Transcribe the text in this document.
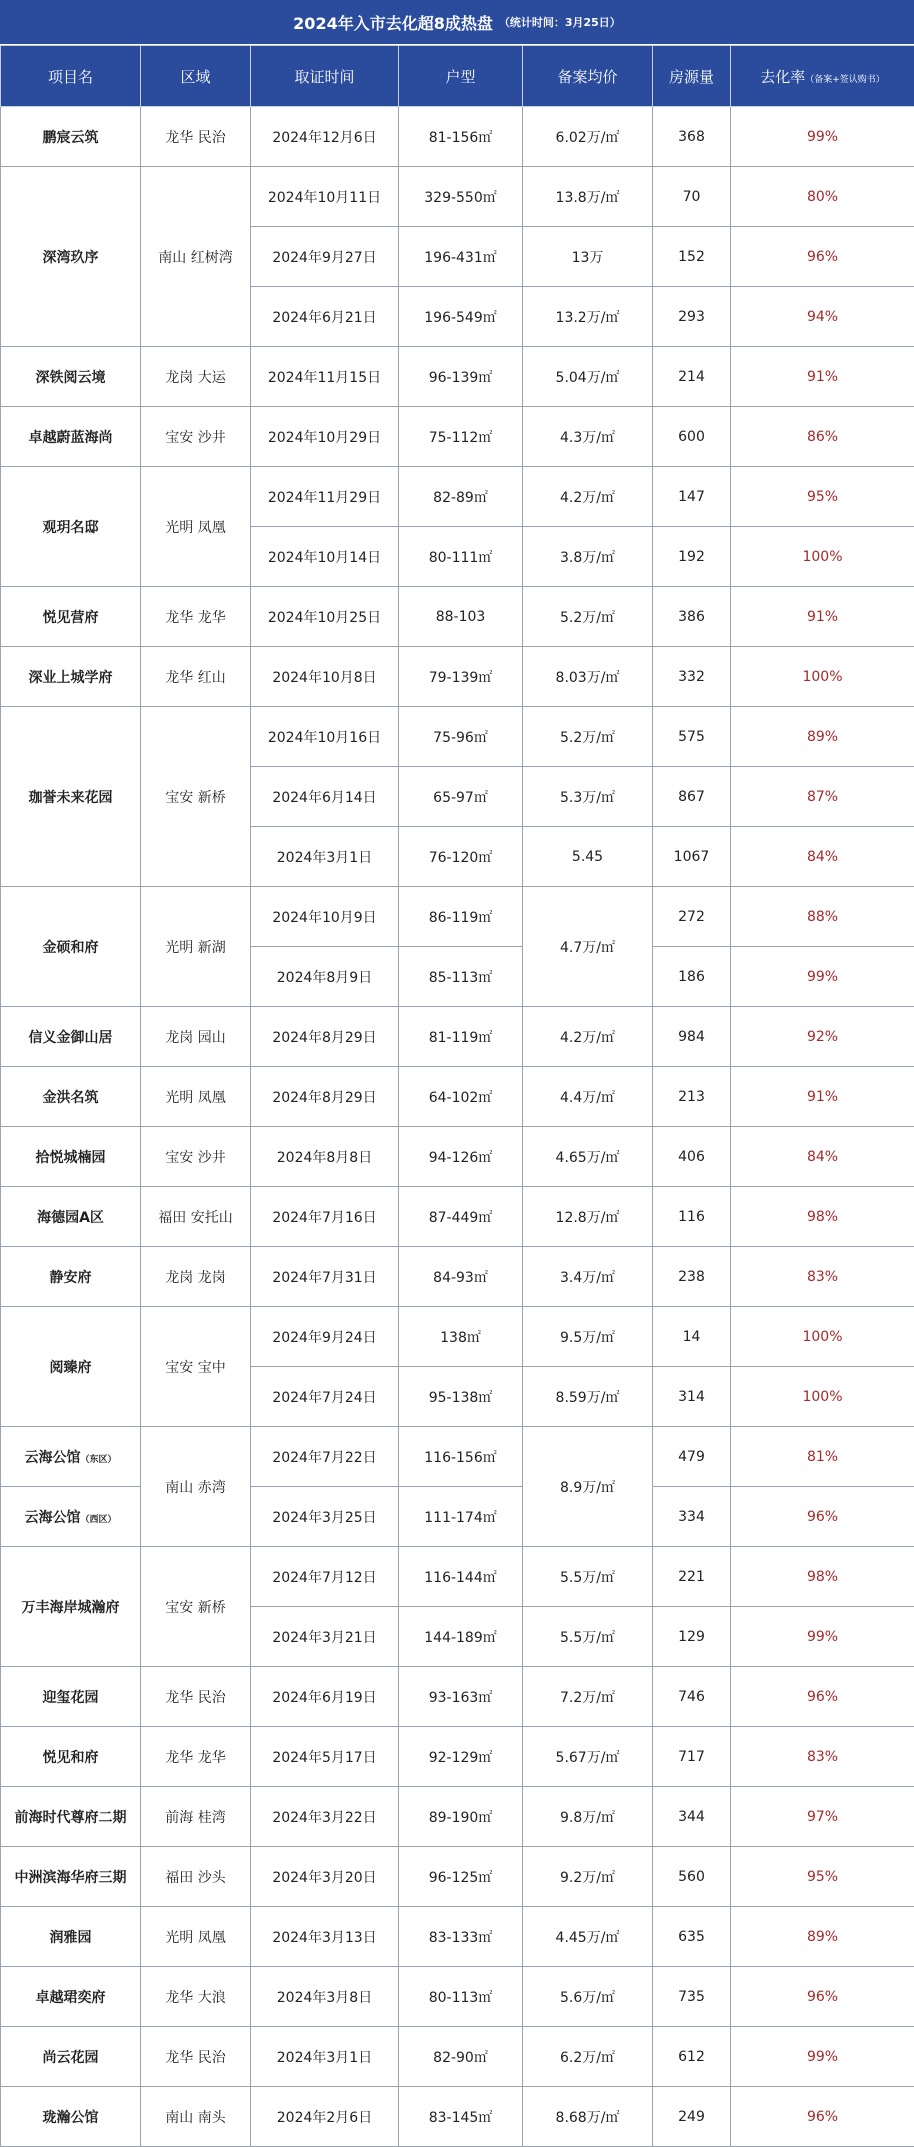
2024年入市去化超8成热盘 （统计时间：3月25日）
项目名	区域	取证时间	户型	备案均价	房源量	去化率（备案+签认购书）
鹏宸云筑	龙华 民治	2024年12月6日	81-156㎡	6.02万/㎡	368	99%
深湾玖序	南山 红树湾	2024年10月11日	329-550㎡	13.8万/㎡	70	80%
		2024年9月27日	196-431㎡	13万	152	96%
		2024年6月21日	196-549㎡	13.2万/㎡	293	94%
深铁阅云境	龙岗 大运	2024年11月15日	96-139㎡	5.04万/㎡	214	91%
卓越蔚蓝海尚	宝安 沙井	2024年10月29日	75-112㎡	4.3万/㎡	600	86%
观玥名邸	光明 凤凰	2024年11月29日	82-89㎡	4.2万/㎡	147	95%
		2024年10月14日	80-111㎡	3.8万/㎡	192	100%
悦见营府	龙华 龙华	2024年10月25日	88-103	5.2万/㎡	386	91%
深业上城学府	龙华 红山	2024年10月8日	79-139㎡	8.03万/㎡	332	100%
珈誉未来花园	宝安 新桥	2024年10月16日	75-96㎡	5.2万/㎡	575	89%
		2024年6月14日	65-97㎡	5.3万/㎡	867	87%
		2024年3月1日	76-120㎡	5.45	1067	84%
金硕和府	光明 新湖	2024年10月9日	86-119㎡	4.7万/㎡	272	88%
		2024年8月9日	85-113㎡		186	99%
信义金御山居	龙岗 园山	2024年8月29日	81-119㎡	4.2万/㎡	984	92%
金洪名筑	光明 凤凰	2024年8月29日	64-102㎡	4.4万/㎡	213	91%
拾悦城楠园	宝安 沙井	2024年8月8日	94-126㎡	4.65万/㎡	406	84%
海德园A区	福田 安托山	2024年7月16日	87-449㎡	12.8万/㎡	116	98%
静安府	龙岗 龙岗	2024年7月31日	84-93㎡	3.4万/㎡	238	83%
阅臻府	宝安 宝中	2024年9月24日	138㎡	9.5万/㎡	14	100%
		2024年7月24日	95-138㎡	8.59万/㎡	314	100%
云海公馆（东区）	南山 赤湾	2024年7月22日	116-156㎡	8.9万/㎡	479	81%
云海公馆（西区）		2024年3月25日	111-174㎡		334	96%
万丰海岸城瀚府	宝安 新桥	2024年7月12日	116-144㎡	5.5万/㎡	221	98%
		2024年3月21日	144-189㎡	5.5万/㎡	129	99%
迎玺花园	龙华 民治	2024年6月19日	93-163㎡	7.2万/㎡	746	96%
悦见和府	龙华 龙华	2024年5月17日	92-129㎡	5.67万/㎡	717	83%
前海时代尊府二期	前海 桂湾	2024年3月22日	89-190㎡	9.8万/㎡	344	97%
中洲滨海华府三期	福田 沙头	2024年3月20日	96-125㎡	9.2万/㎡	560	95%
润雅园	光明 凤凰	2024年3月13日	83-133㎡	4.45万/㎡	635	89%
卓越珺奕府	龙华 大浪	2024年3月8日	80-113㎡	5.6万/㎡	735	96%
尚云花园	龙华 民治	2024年3月1日	82-90㎡	6.2万/㎡	612	99%
珑瀚公馆	南山 南头	2024年2月6日	83-145㎡	8.68万/㎡	249	96%
